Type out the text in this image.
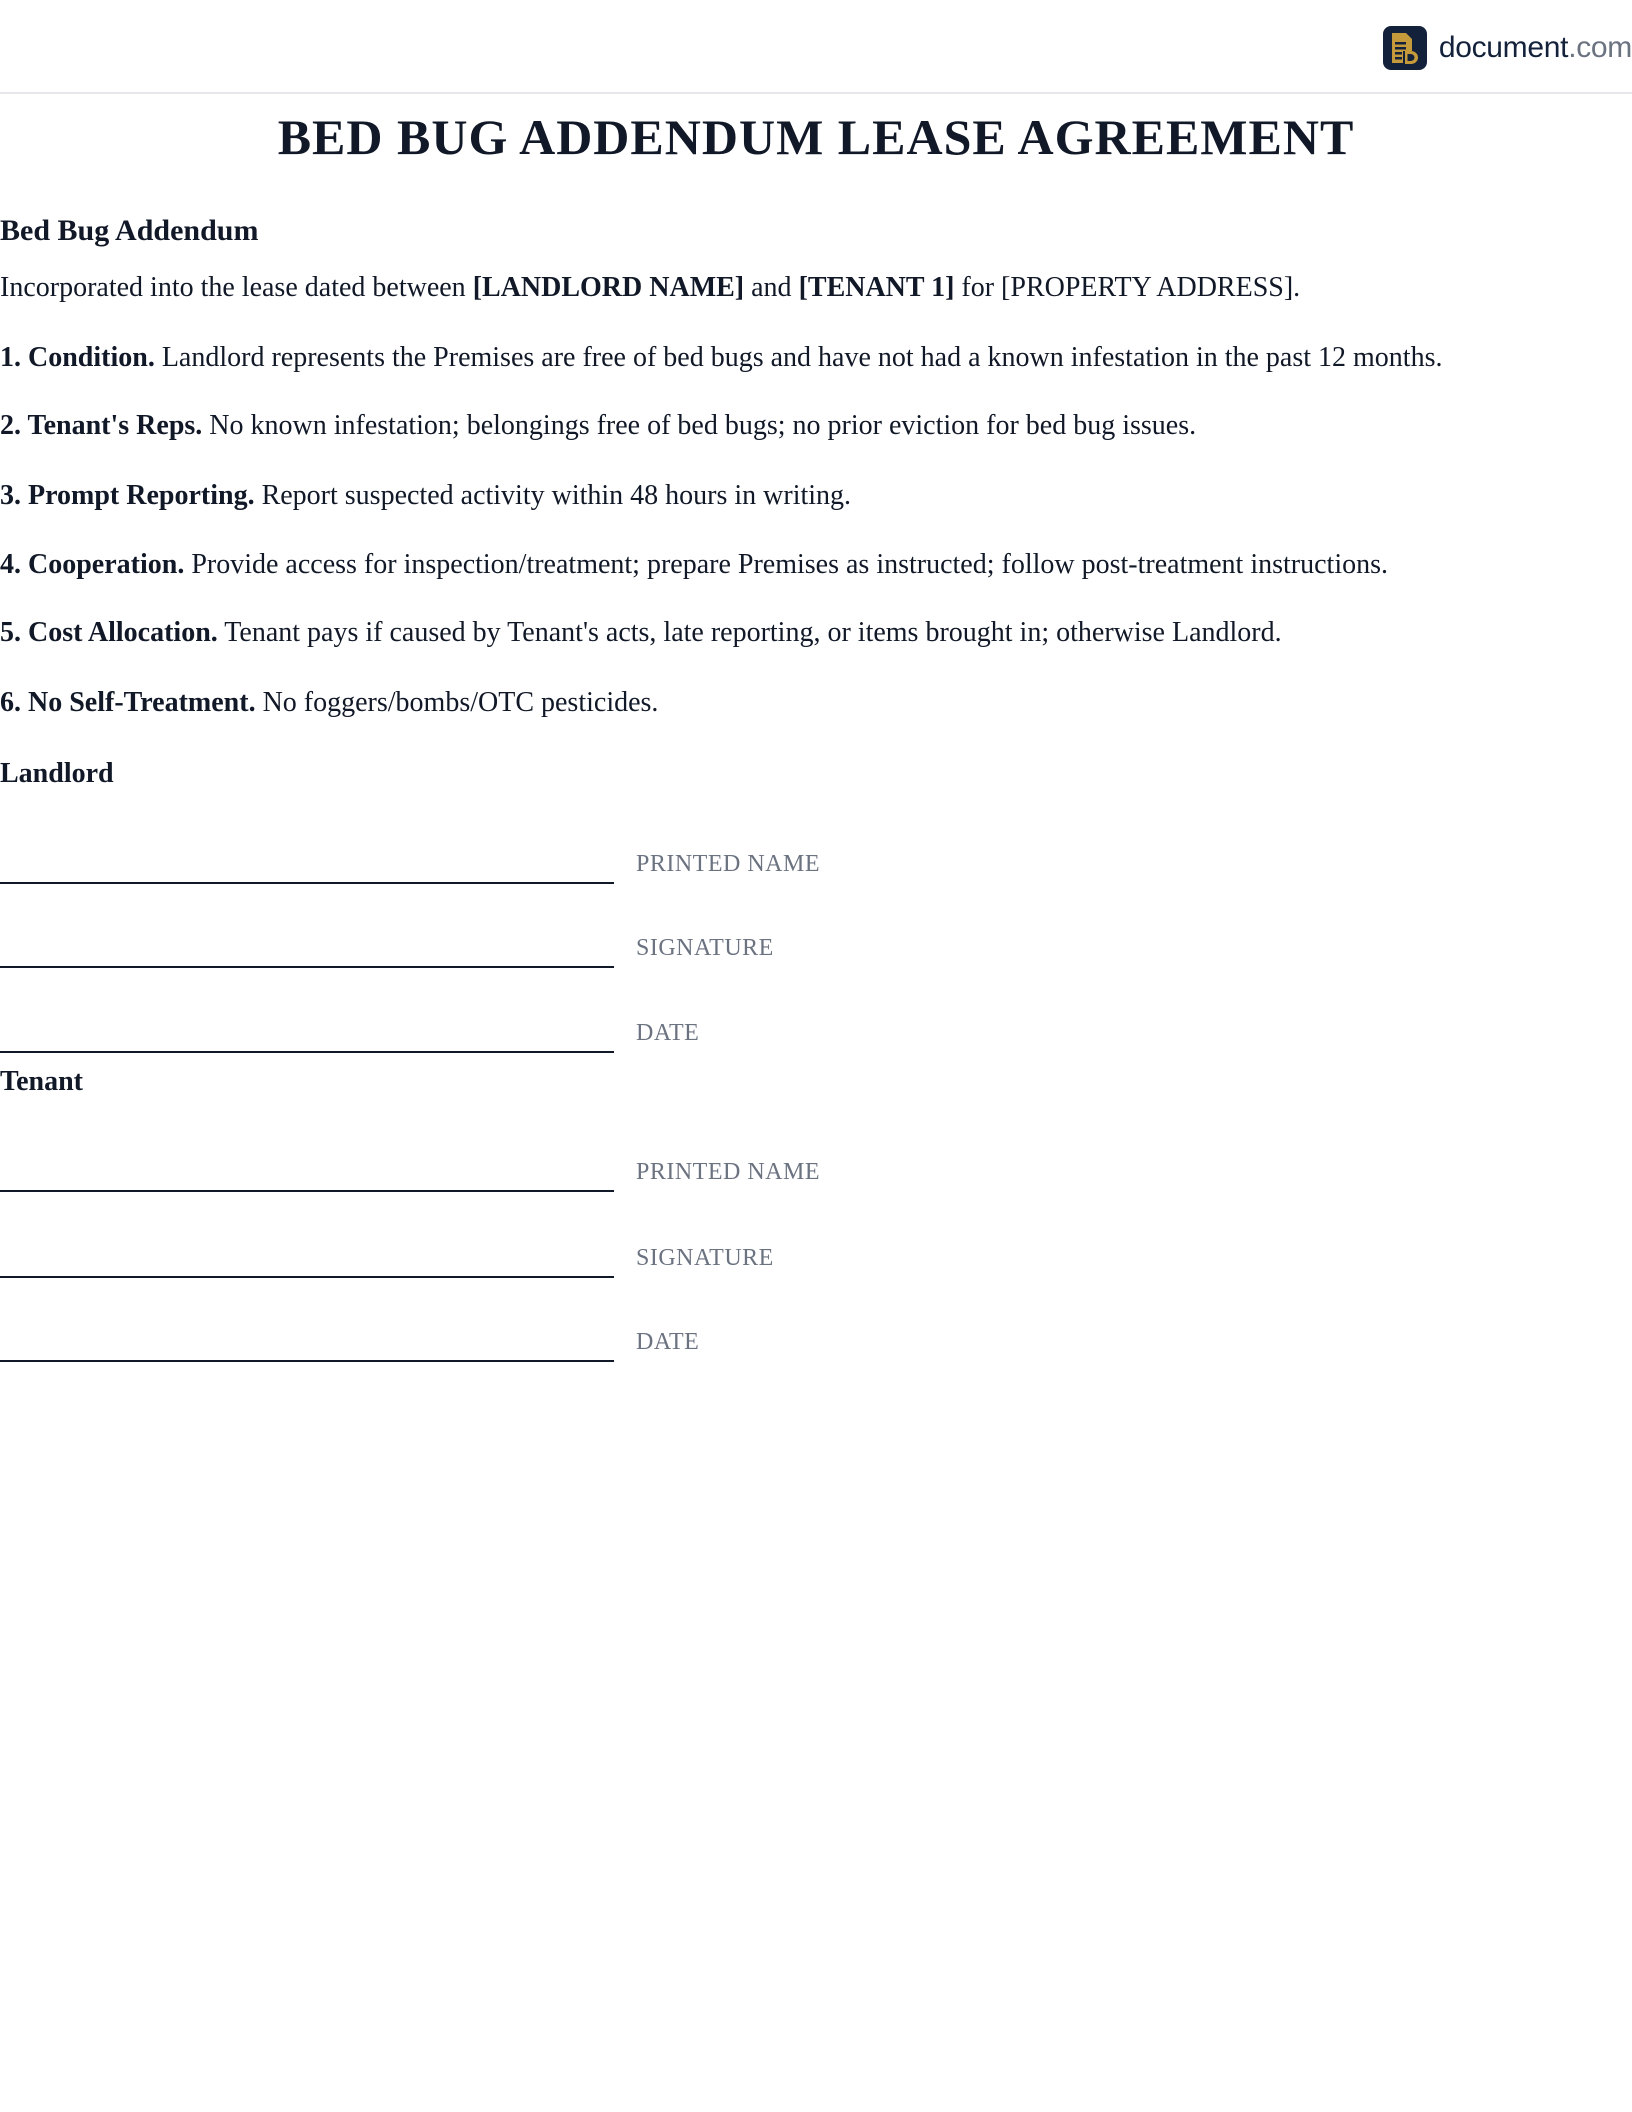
document.com
BED BUG ADDENDUM LEASE AGREEMENT
Bed Bug Addendum

Incorporated into the lease dated between [LANDLORD NAME] and [TENANT 1] for [PROPERTY ADDRESS].

1. Condition. Landlord represents the Premises are free of bed bugs and have not had a known infestation in the past 12 months.

2. Tenant's Reps. No known infestation; belongings free of bed bugs; no prior eviction for bed bug issues.

3. Prompt Reporting. Report suspected activity within 48 hours in writing.

4. Cooperation. Provide access for inspection/treatment; prepare Premises as instructed; follow post-treatment instructions.

5. Cost Allocation. Tenant pays if caused by Tenant's acts, late reporting, or items brought in; otherwise Landlord.

6. No Self-Treatment. No foggers/bombs/OTC pesticides.

Landlord
PRINTED NAME
SIGNATURE
DATE
Tenant
PRINTED NAME
SIGNATURE
DATE
